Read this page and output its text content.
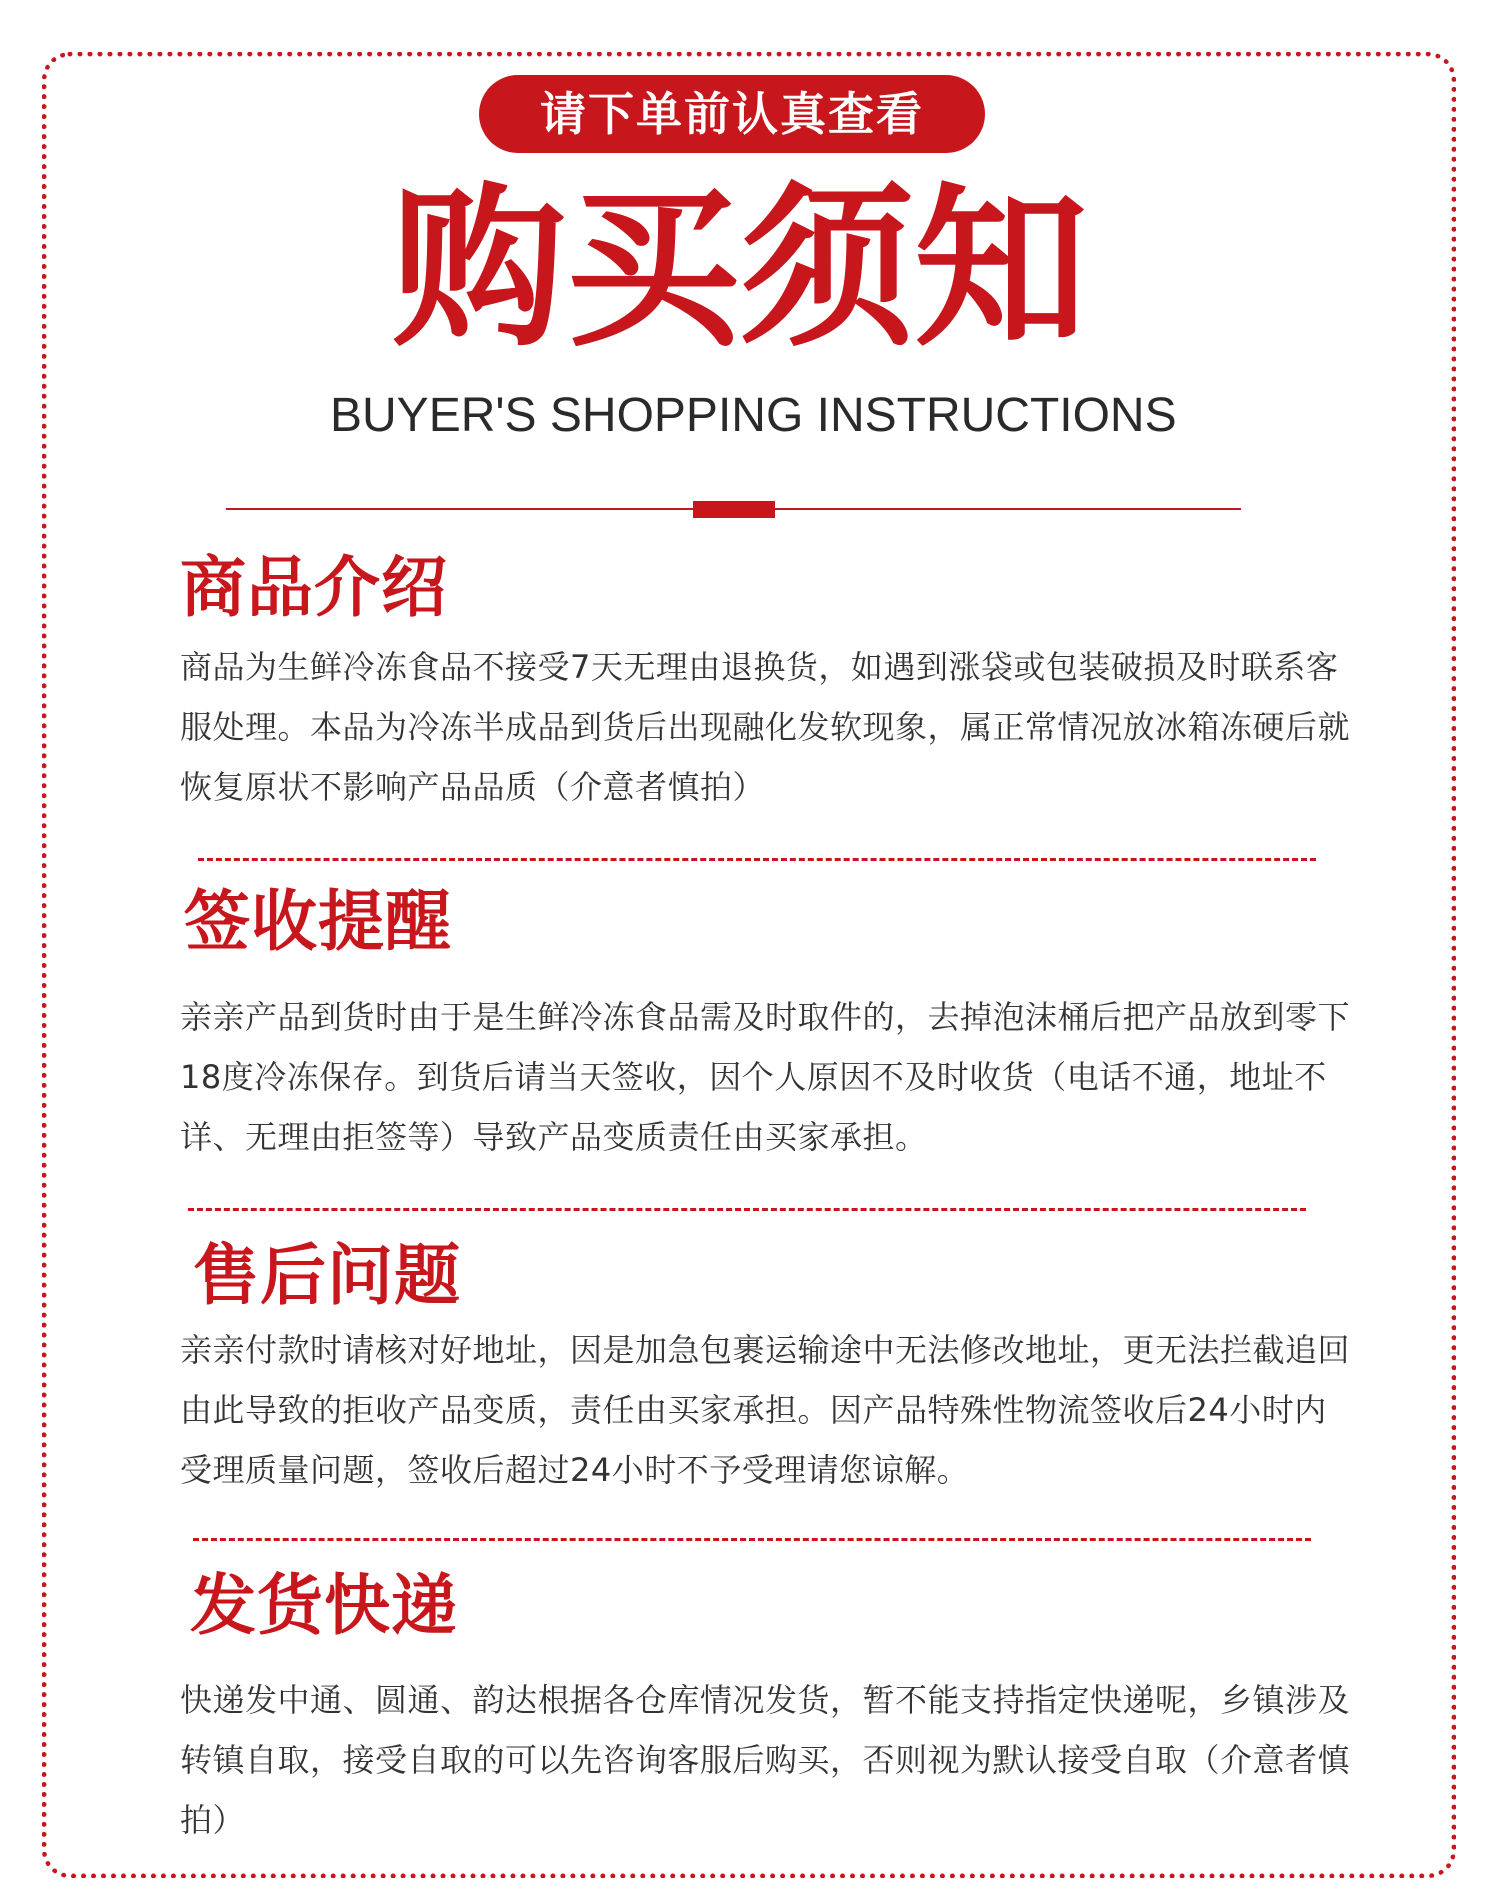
请下单前认真查看
购买须知
BUYER'S SHOPPING INSTRUCTIONS
商品介绍

商品为生鲜冷冻食品不接受7天无理由退换货，如遇到涨袋或包装破损及时联系客服处理。本品为冷冻半成品到货后出现融化发软现象，属正常情况放冰箱冻硬后就恢复原状不影响产品品质（介意者慎拍）

签收提醒

亲亲产品到货时由于是生鲜冷冻食品需及时取件的，去掉泡沫桶后把产品放到零下18度冷冻保存。到货后请当天签收，因个人原因不及时收货（电话不通，地址不详、无理由拒签等）导致产品变质责任由买家承担。

售后问题

亲亲付款时请核对好地址，因是加急包裹运输途中无法修改地址，更无法拦截追回由此导致的拒收产品变质，责任由买家承担。因产品特殊性物流签收后24小时内受理质量问题，签收后超过24小时不予受理请您谅解。

发货快递

快递发中通、圆通、韵达根据各仓库情况发货，暂不能支持指定快递呢，乡镇涉及转镇自取，接受自取的可以先咨询客服后购买，否则视为默认接受自取（介意者慎拍）
